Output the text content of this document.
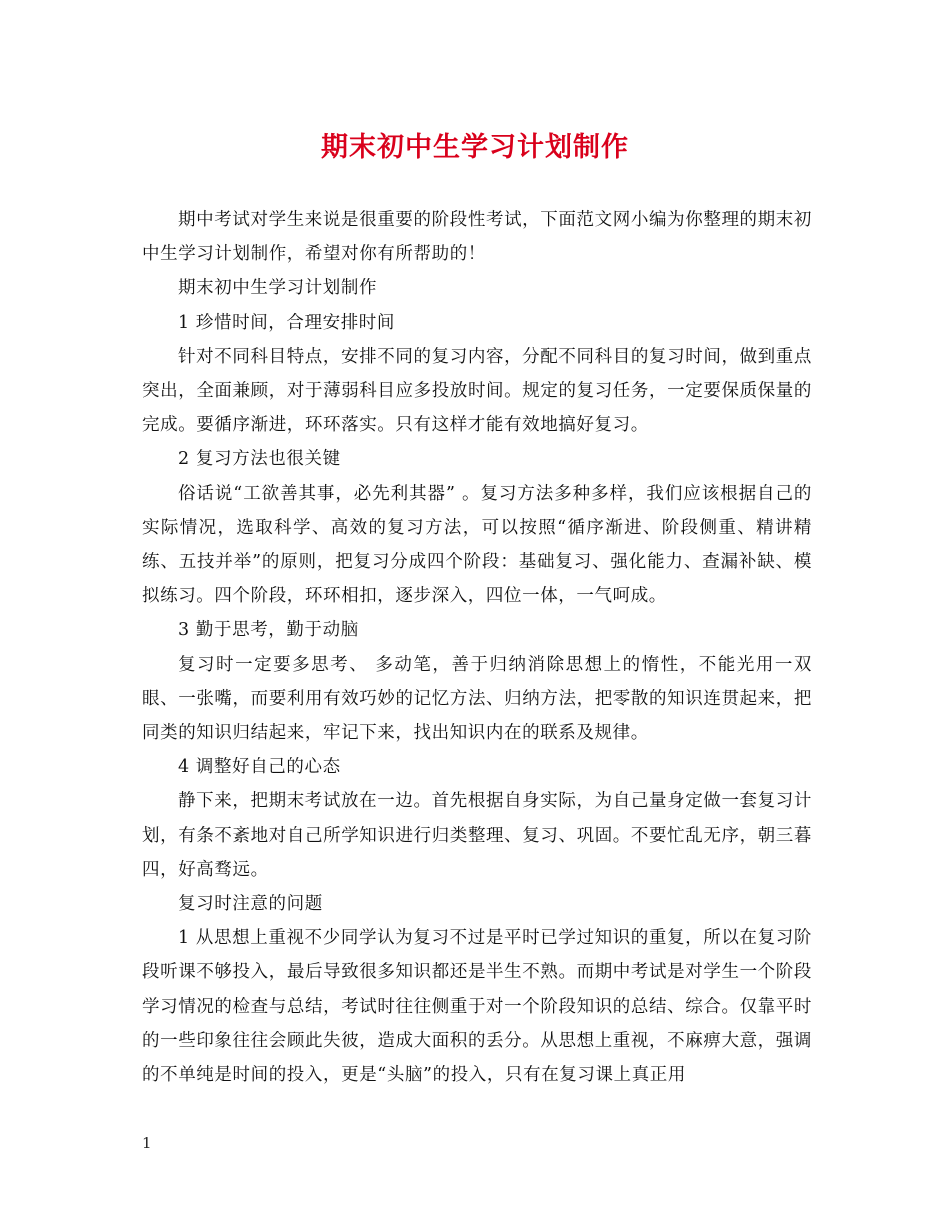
期末初中生学习计划制作

期中考试对学生来说是很重要的阶段性考试，下面范文网小编为你整理的期末初中生学习计划制作，希望对你有所帮助的！

期末初中生学习计划制作

1 珍惜时间，合理安排时间

针对不同科目特点，安排不同的复习内容，分配不同科目的复习时间，做到重点突出，全面兼顾，对于薄弱科目应多投放时间。规定的复习任务，一定要保质保量的完成。要循序渐进，环环落实。只有这样才能有效地搞好复习。

2 复习方法也很关键

俗话说“工欲善其事，必先利其器” 。复习方法多种多样，我们应该根据自己的实际情况，选取科学、高效的复习方法，可以按照“循序渐进、阶段侧重、精讲精练、五技并举”的原则，把复习分成四个阶段：基础复习、强化能力、查漏补缺、模拟练习。四个阶段，环环相扣，逐步深入，四位一体，一气呵成。

3 勤于思考，勤于动脑

复习时一定要多思考、 多动笔，善于归纳消除思想上的惰性，不能光用一双眼、一张嘴，而要利用有效巧妙的记忆方法、归纳方法，把零散的知识连贯起来，把同类的知识归结起来，牢记下来，找出知识内在的联系及规律。

4 调整好自己的心态

静下来，把期末考试放在一边。首先根据自身实际，为自己量身定做一套复习计划，有条不紊地对自己所学知识进行归类整理、复习、巩固。不要忙乱无序，朝三暮四，好高骛远。

复习时注意的问题

1 从思想上重视不少同学认为复习不过是平时已学过知识的重复，所以在复习阶段听课不够投入，最后导致很多知识都还是半生不熟。而期中考试是对学生一个阶段学习情况的检查与总结，考试时往往侧重于对一个阶段知识的总结、综合。仅靠平时的一些印象往往会顾此失彼，造成大面积的丢分。从思想上重视，不麻痹大意，强调的不单纯是时间的投入，更是“头脑”的投入，只有在复习课上真正用

1
